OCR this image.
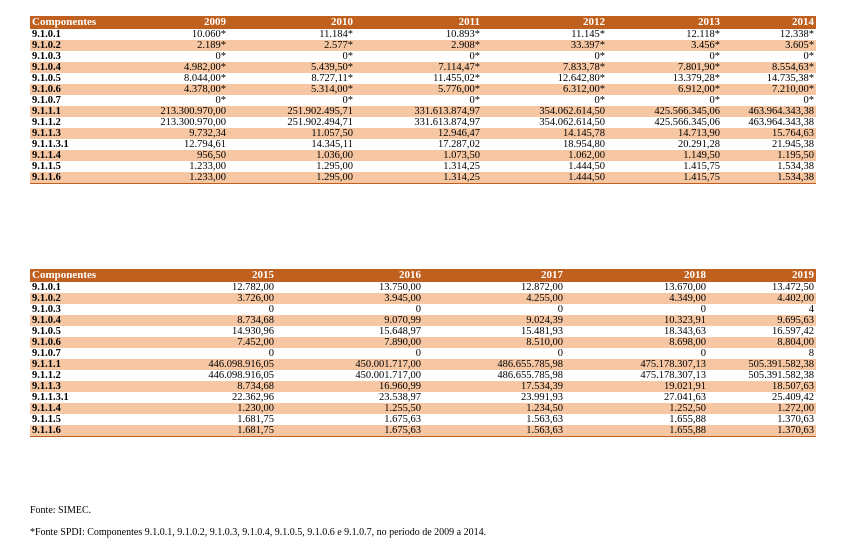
Componentes	2009	2010	2011	2012	2013	2014
9.1.0.1	10.060*	11.184*	10.893*	11.145*	12.118*	12.338*
9.1.0.2	2.189*	2.577*	2.908*	33.397*	3.456*	3.605*
9.1.0.3	0*	0*	0*	0*	0*	0*
9.1.0.4	4.982,00*	5.439,50*	7.114,47*	7.833,78*	7.801,90*	8.554,63*
9.1.0.5	8.044,00*	8.727,11*	11.455,02*	12.642,80*	13.379,28*	14.735,38*
9.1.0.6	4.378,00*	5.314,00*	5.776,00*	6.312,00*	6.912,00*	7.210,00*
9.1.0.7	0*	0*	0*	0*	0*	0*
9.1.1.1	213.300.970,00	251.902.495,71	331.613.874,97	354.062.614,50	425.566.345,06	463.964.343,38
9.1.1.2	213.300.970,00	251.902.494,71	331.613.874,97	354.062.614,50	425.566.345,06	463.964.343,38
9.1.1.3	9.732,34	11.057,50	12.946,47	14.145,78	14.713,90	15.764,63
9.1.1.3.1	12.794,61	14.345,11	17.287,02	18.954,80	20.291,28	21.945,38
9.1.1.4	956,50	1.036,00	1.073,50	1.062,00	1.149,50	1.195,50
9.1.1.5	1.233,00	1.295,00	1.314,25	1.444,50	1.415,75	1.534,38
9.1.1.6	1.233,00	1.295,00	1.314,25	1.444,50	1.415,75	1.534,38
Componentes	2015	2016	2017	2018	2019
9.1.0.1	12.782,00	13.750,00	12.872,00	13.670,00	13.472,50
9.1.0.2	3.726,00	3.945,00	4.255,00	4.349,00	4.402,00
9.1.0.3	0	0	0	0	4
9.1.0.4	8.734,68	9.070,99	9.024,39	10.323,91	9.695,63
9.1.0.5	14.930,96	15.648,97	15.481,93	18.343,63	16.597,42
9.1.0.6	7.452,00	7.890,00	8.510,00	8.698,00	8.804,00
9.1.0.7	0	0	0	0	8
9.1.1.1	446.098.916,05	450.001.717,00	486.655.785,98	475.178.307,13	505.391.582,38
9.1.1.2	446.098.916,05	450.001.717,00	486.655.785,98	475.178.307,13	505.391.582,38
9.1.1.3	8.734,68	16.960,99	17.534,39	19.021,91	18.507,63
9.1.1.3.1	22.362,96	23.538,97	23.991,93	27.041,63	25.409,42
9.1.1.4	1.230,00	1.255,50	1.234,50	1.252,50	1.272,00
9.1.1.5	1.681,75	1.675,63	1.563,63	1.655,88	1.370,63
9.1.1.6	1.681,75	1.675,63	1.563,63	1.655,88	1.370,63

Fonte: SIMEC.

*Fonte SPDI: Componentes 9.1.0.1, 9.1.0.2, 9.1.0.3, 9.1.0.4, 9.1.0.5, 9.1.0.6 e 9.1.0.7, no período de 2009 a 2014.
